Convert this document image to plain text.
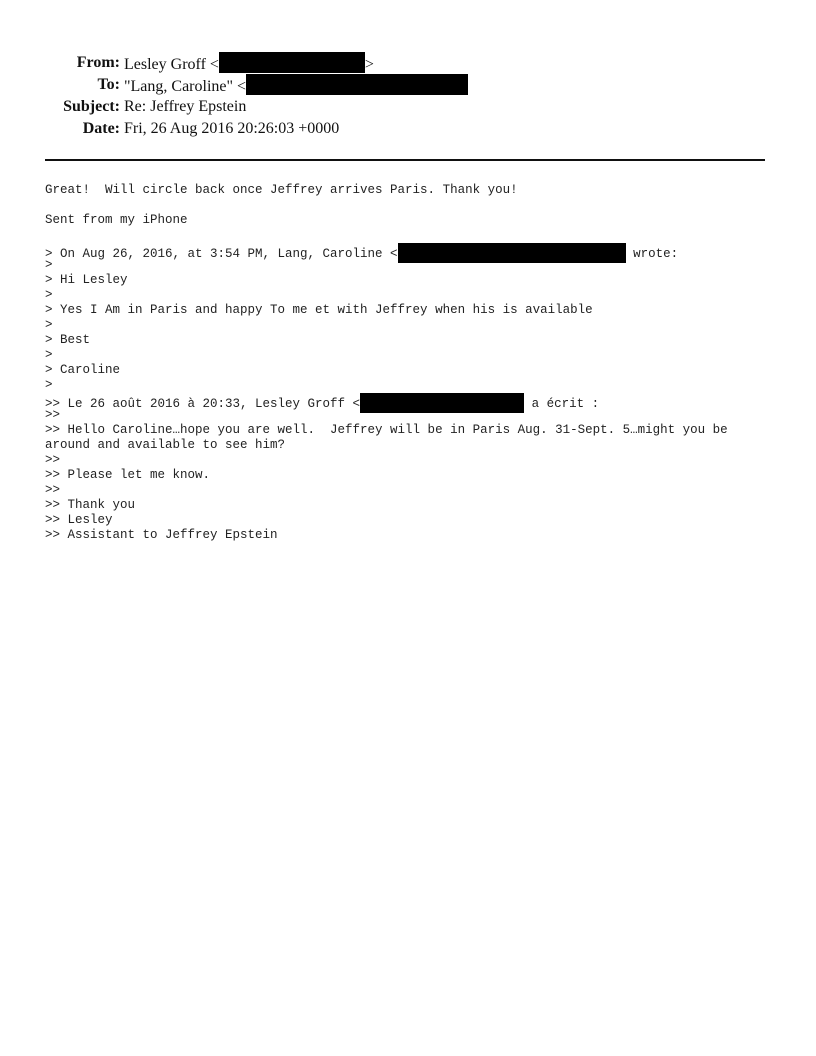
From: Lesley Groff <	>
To: "Lang, Caroline" <
Subject: Re: Jeffrey Epstein
Date: Fri, 26 Aug 2016 20:26:03 +0000
Great!  Will circle back once Jeffrey arrives Paris. Thank you!
Sent from my iPhone
> On Aug 26, 2016, at 3:54 PM, Lang, Caroline <	wrote:
>
> Hi Lesley
>
> Yes I Am in Paris and happy To me et with Jeffrey when his is available
>
> Best
>
> Caroline
>
>> Le 26 août 2016 à 20:33, Lesley Groff <	a écrit :
>>
>> Hello Caroline…hope you are well.  Jeffrey will be in Paris Aug. 31-Sept. 5…might you be around and available to see him?
>>
>> Please let me know.
>>
>> Thank you
>> Lesley
>> Assistant to Jeffrey Epstein
